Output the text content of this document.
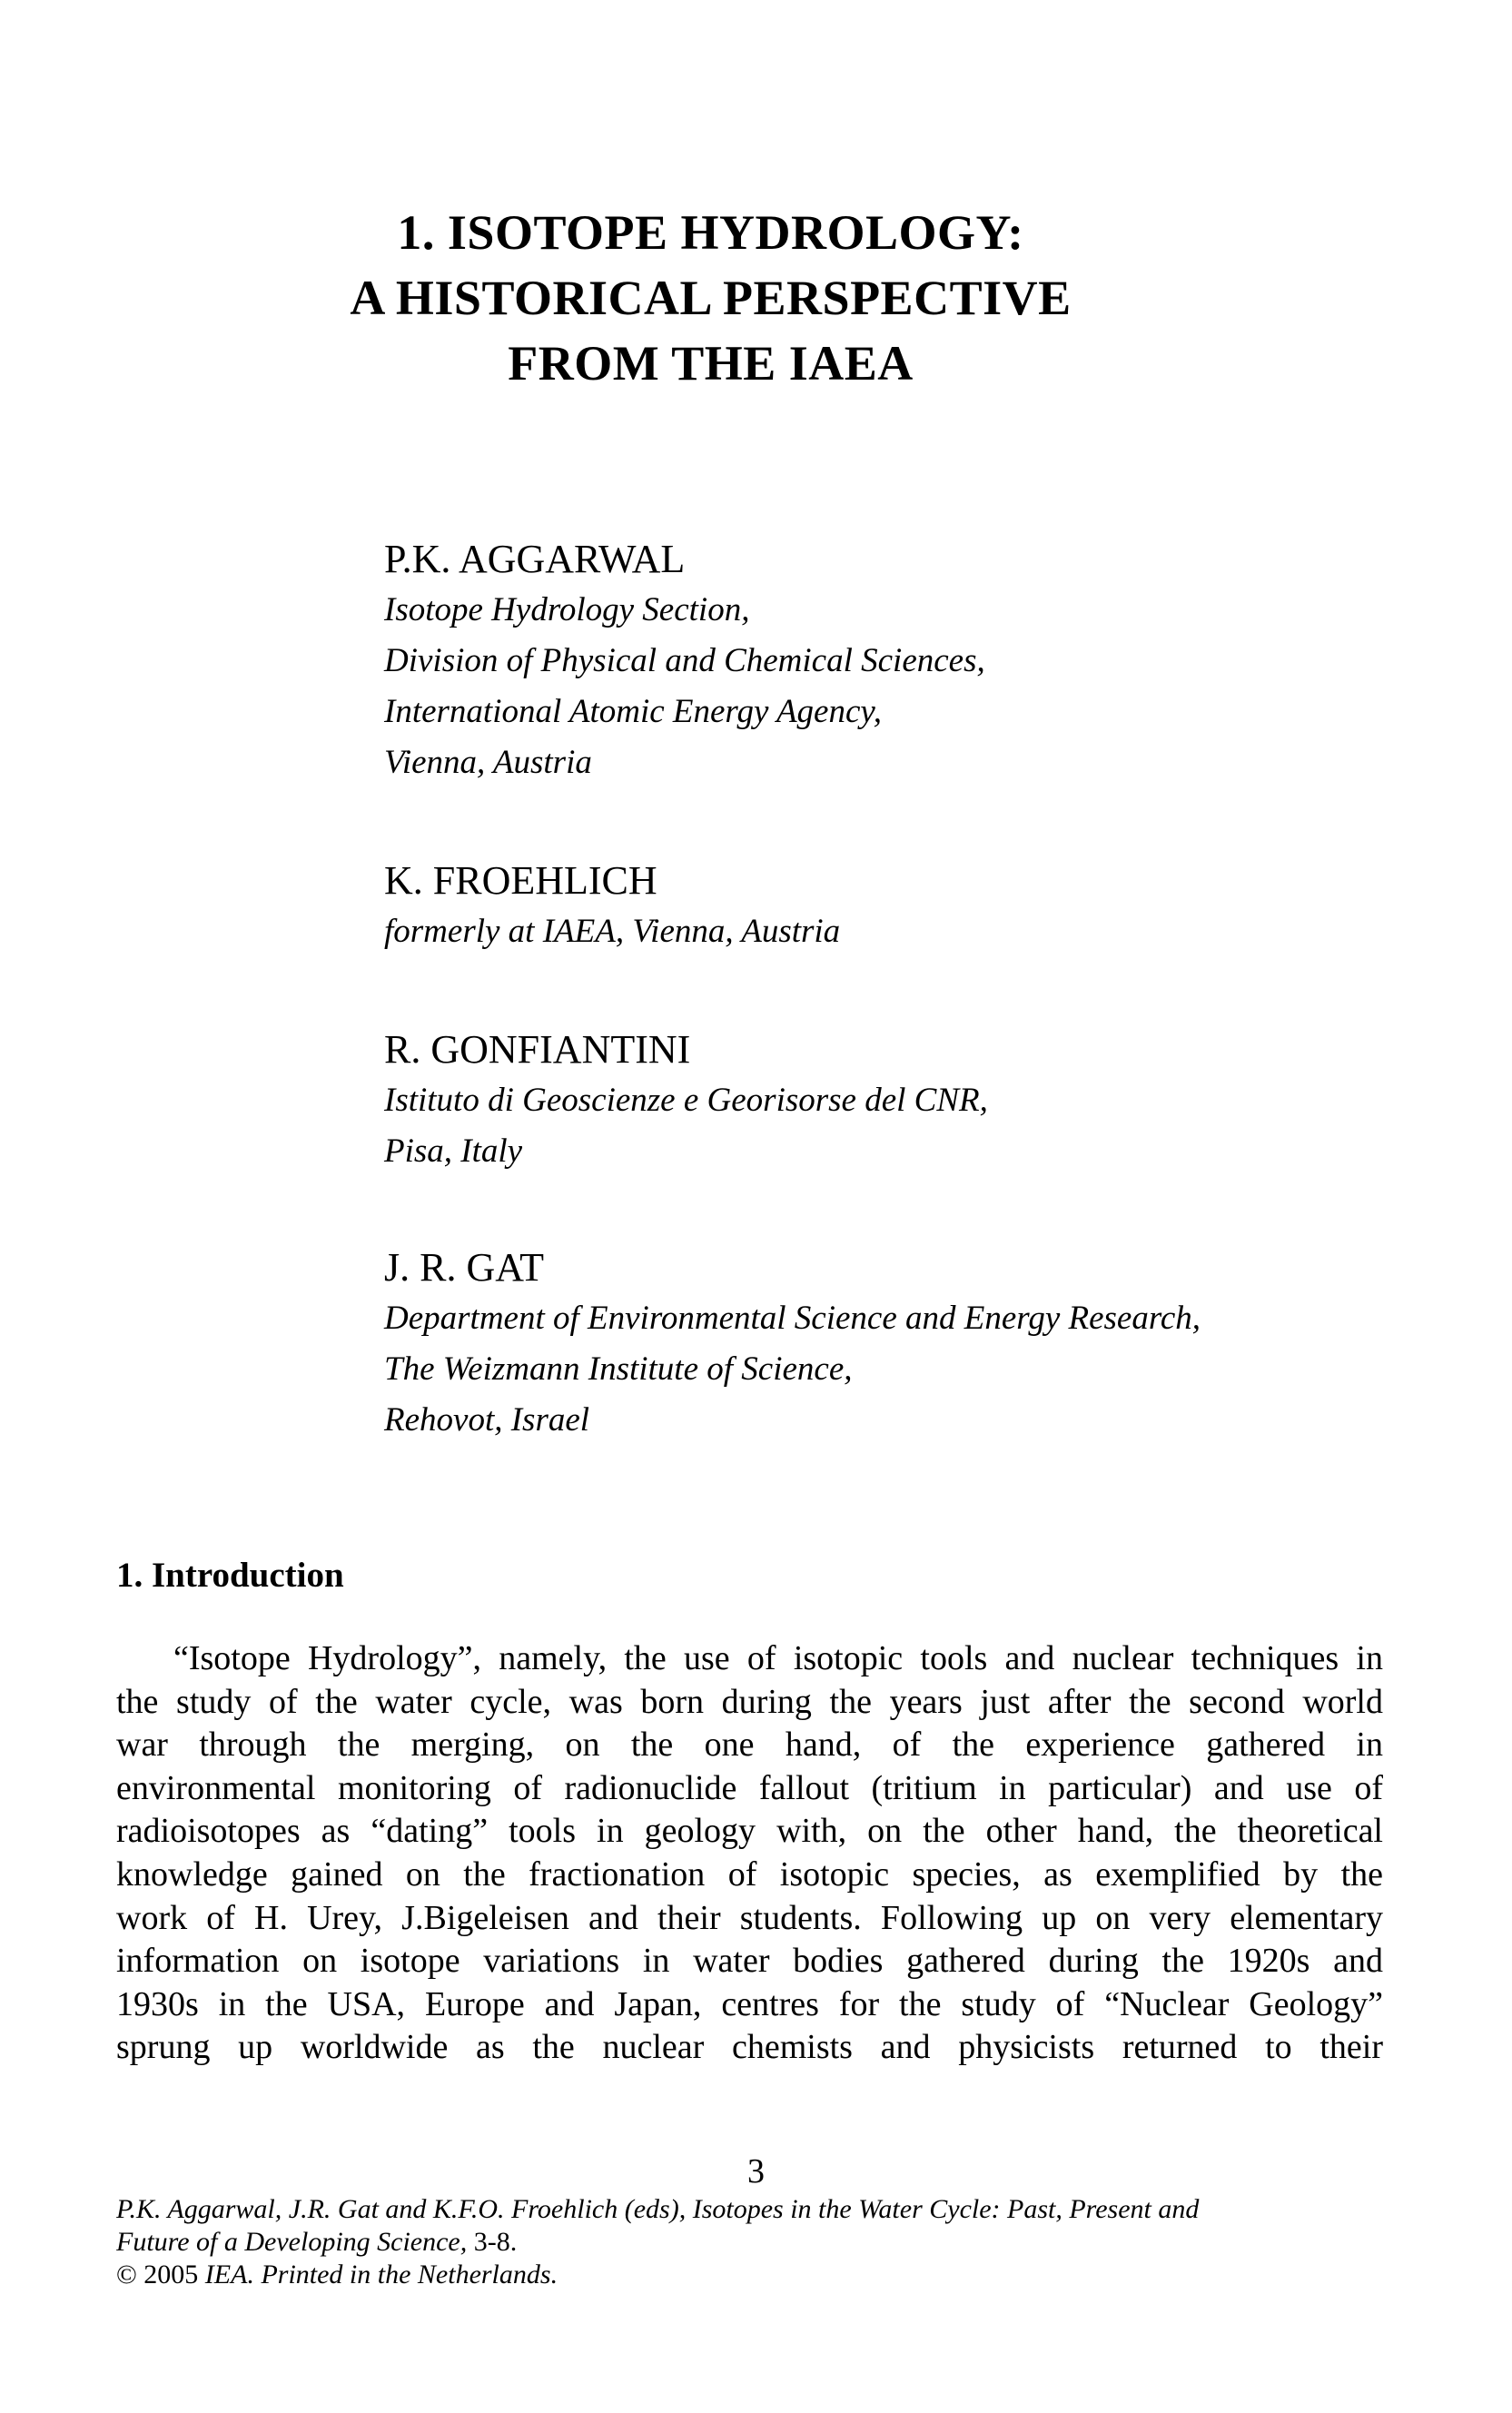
1. ISOTOPE HYDROLOGY:
A HISTORICAL PERSPECTIVE
FROM THE IAEA
P.K. AGGARWAL
Isotope Hydrology Section,
Division of Physical and Chemical Sciences,
International Atomic Energy Agency,
Vienna, Austria
K. FROEHLICH
formerly at IAEA, Vienna, Austria
R. GONFIANTINI
Istituto di Geoscienze e Georisorse del CNR,
Pisa, Italy
J. R. GAT
Department of Environmental Science and Energy Research,
The Weizmann Institute of Science,
Rehovot, Israel
1. Introduction
“Isotope Hydrology”, namely, the use of isotopic tools and nuclear techniques in
the study of the water cycle, was born during the years just after the second world
war through the merging, on the one hand, of the experience gathered in
environmental monitoring of radionuclide fallout (tritium in particular) and use of
radioisotopes as “dating” tools in geology with, on the other hand, the theoretical
knowledge gained on the fractionation of isotopic species, as exemplified by the
work of H. Urey, J.Bigeleisen and their students. Following up on very elementary
information on isotope variations in water bodies gathered during the 1920s and
1930s in the USA, Europe and Japan, centres for the study of “Nuclear Geology”
sprung up worldwide as the nuclear chemists and physicists returned to their
3
P.K. Aggarwal, J.R. Gat and K.F.O. Froehlich (eds), Isotopes in the Water Cycle: Past, Present and
Future of a Developing Science, 3-8.
© 2005 IEA. Printed in the Netherlands.
